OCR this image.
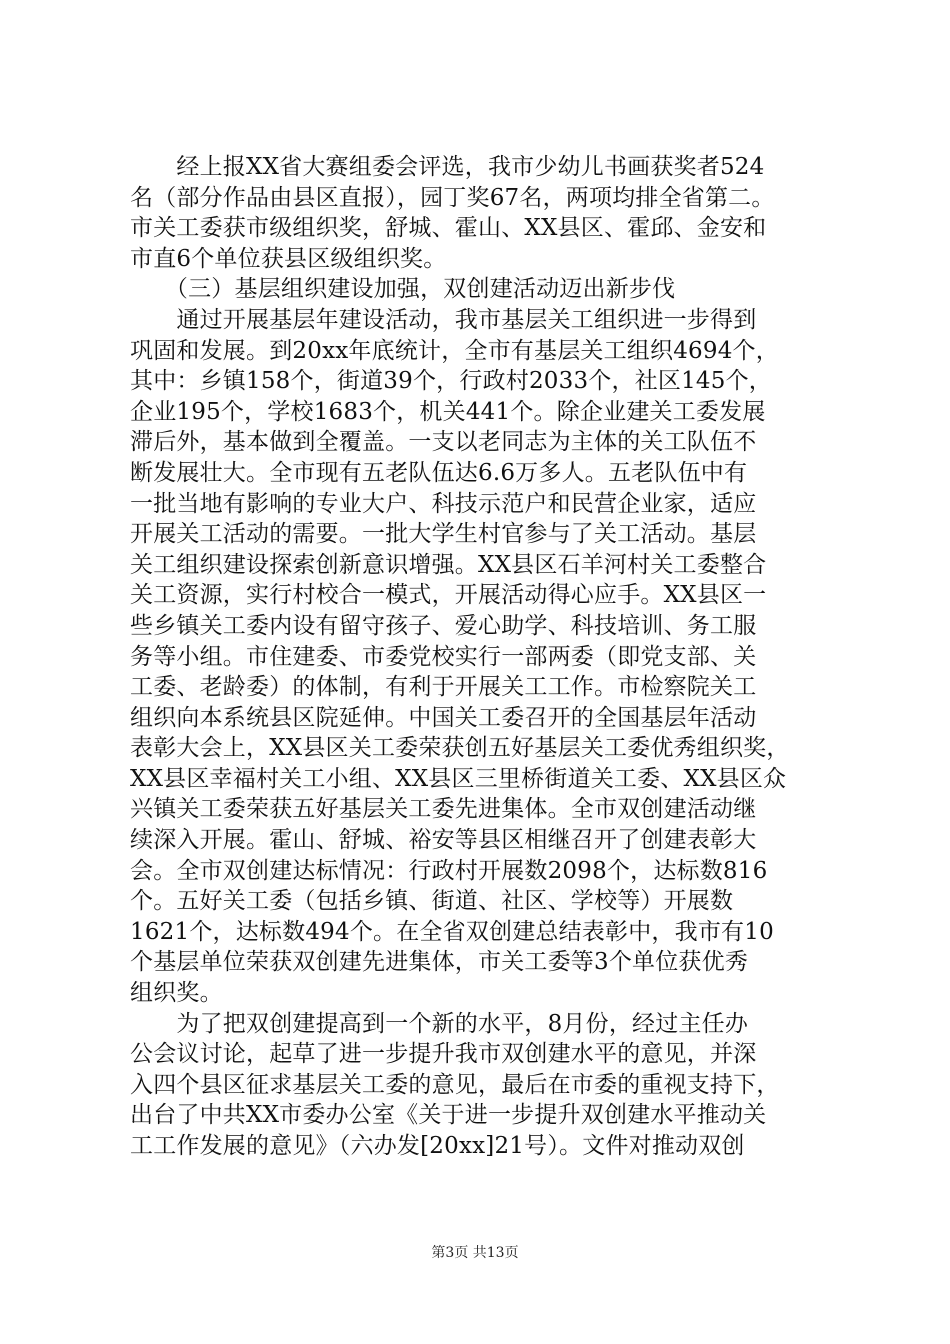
　　经上报XX省大赛组委会评选，我市少幼儿书画获奖者524
名（部分作品由县区直报），园丁奖67名，两项均排全省第二。
市关工委获市级组织奖，舒城、霍山、XX县区、霍邱、金安和
市直6个单位获县区级组织奖。
　　（三）基层组织建设加强，双创建活动迈出新步伐
　　通过开展基层年建设活动，我市基层关工组织进一步得到
巩固和发展。到20xx年底统计，全市有基层关工组织4694个，
其中：乡镇158个，街道39个，行政村2033个，社区145个，
企业195个，学校1683个，机关441个。除企业建关工委发展
滞后外，基本做到全覆盖。一支以老同志为主体的关工队伍不
断发展壮大。全市现有五老队伍达6.6万多人。五老队伍中有
一批当地有影响的专业大户、科技示范户和民营企业家，适应
开展关工活动的需要。一批大学生村官参与了关工活动。基层
关工组织建设探索创新意识增强。XX县区石羊河村关工委整合
关工资源，实行村校合一模式，开展活动得心应手。XX县区一
些乡镇关工委内设有留守孩子、爱心助学、科技培训、务工服
务等小组。市住建委、市委党校实行一部两委（即党支部、关
工委、老龄委）的体制，有利于开展关工工作。市检察院关工
组织向本系统县区院延伸。中国关工委召开的全国基层年活动
表彰大会上，XX县区关工委荣获创五好基层关工委优秀组织奖，
XX县区幸福村关工小组、XX县区三里桥街道关工委、XX县区众
兴镇关工委荣获五好基层关工委先进集体。全市双创建活动继
续深入开展。霍山、舒城、裕安等县区相继召开了创建表彰大
会。全市双创建达标情况：行政村开展数2098个，达标数816
个。五好关工委（包括乡镇、街道、社区、学校等）开展数
1621个，达标数494个。在全省双创建总结表彰中，我市有10
个基层单位荣获双创建先进集体，市关工委等3个单位获优秀
组织奖。
　　为了把双创建提高到一个新的水平，8月份，经过主任办
公会议讨论，起草了进一步提升我市双创建水平的意见，并深
入四个县区征求基层关工委的意见，最后在市委的重视支持下，
出台了中共XX市委办公室《关于进一步提升双创建水平推动关
工工作发展的意见》（六办发[20xx]21号）。文件对推动双创
第3页 共13页
